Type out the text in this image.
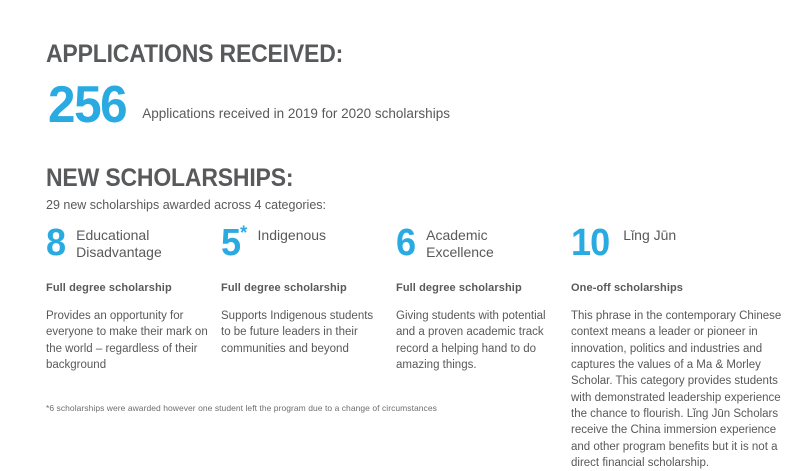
APPLICATIONS RECEIVED:
256 Applications received in 2019 for 2020 scholarships
NEW SCHOLARSHIPS:
29 new scholarships awarded across 4 categories:
8 Educational Disadvantage
Full degree scholarship
Provides an opportunity for everyone to make their mark on the world – regardless of their background
5* Indigenous
Full degree scholarship
Supports Indigenous students to be future leaders in their communities and beyond
6 Academic Excellence
Full degree scholarship
Giving students with potential and a proven academic track record a helping hand to do amazing things.
10 Lǐng Jūn
One-off scholarships
This phrase in the contemporary Chinese context means a leader or pioneer in innovation, politics and industries and captures the values of a Ma & Morley Scholar. This category provides students with demonstrated leadership experience the chance to flourish. Lǐng Jūn Scholars receive the China immersion experience and other program benefits but it is not a direct financial scholarship.
*6 scholarships were awarded however one student left the program due to a change of circumstances
